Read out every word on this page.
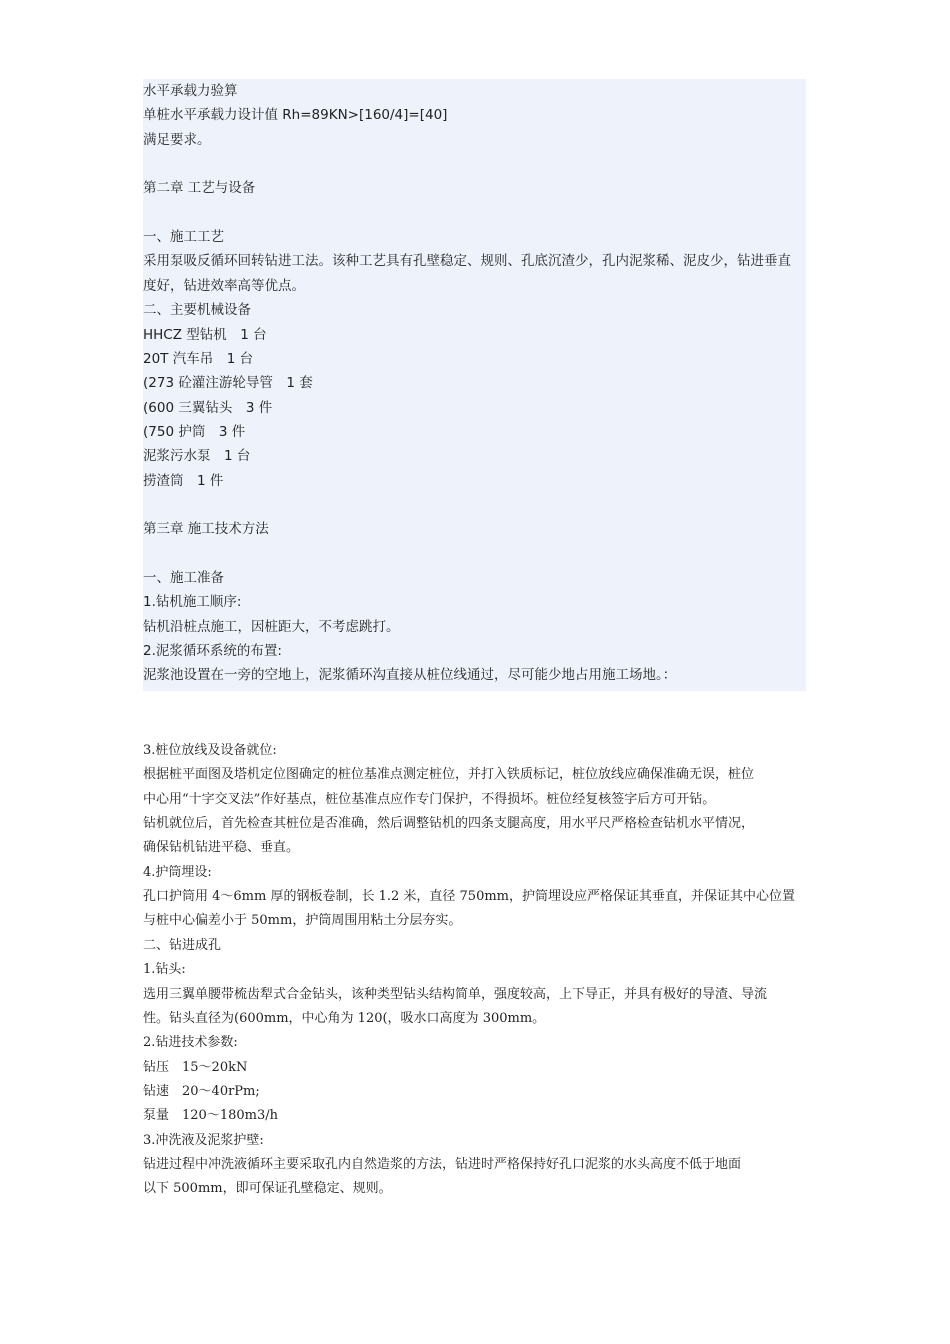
水平承载力验算
单桩水平承载力设计值 Rh=89KN>[160/4]=[40]
满足要求。
第二章 工艺与设备
一、施工工艺
采用泵吸反循环回转钻进工法。该种工艺具有孔壁稳定、规则、孔底沉渣少，孔内泥浆稀、泥皮少，钻进垂直
度好，钻进效率高等优点。
二、主要机械设备
HHCZ 型钻机　1 台
20T 汽车吊　1 台
(273 砼灌注游轮导管　1 套
(600 三翼钻头　3 件
(750 护筒　3 件
泥浆污水泵　1 台
捞渣筒　1 件
第三章 施工技术方法
一、施工准备
1.钻机施工顺序:
钻机沿桩点施工，因桩距大，不考虑跳打。
2.泥浆循环系统的布置:
泥浆池设置在一旁的空地上，泥浆循环沟直接从桩位线通过，尽可能少地占用施工场地。：
3.桩位放线及设备就位:
根据桩平面图及塔机定位图确定的桩位基准点测定桩位，并打入铁质标记，桩位放线应确保准确无误，桩位
中心用“十字交叉法”作好基点，桩位基准点应作专门保护，不得损坏。桩位经复核签字后方可开钻。
钻机就位后，首先检查其桩位是否准确，然后调整钻机的四条支腿高度，用水平尺严格检查钻机水平情况，
确保钻机钻进平稳、垂直。
4.护筒埋设:
孔口护筒用 4～6mm 厚的钢板卷制，长 1.2 米，直径 750mm，护筒埋设应严格保证其垂直，并保证其中心位置
与桩中心偏差小于 50mm，护筒周围用粘土分层夯实。
二、钻进成孔
1.钻头:
选用三翼单腰带梳齿犁式合金钻头，该种类型钻头结构简单，强度较高，上下导正，并具有极好的导渣、导流
性。钻头直径为(600mm，中心角为 120(，吸水口高度为 300mm。
2.钻进技术参数:
钻压　15～20kN
钻速　20～40rPm;
泵量　120～180m3/h
3.冲洗液及泥浆护壁:
钻进过程中冲洗液循环主要采取孔内自然造浆的方法，钻进时严格保持好孔口泥浆的水头高度不低于地面
以下 500mm，即可保证孔壁稳定、规则。
